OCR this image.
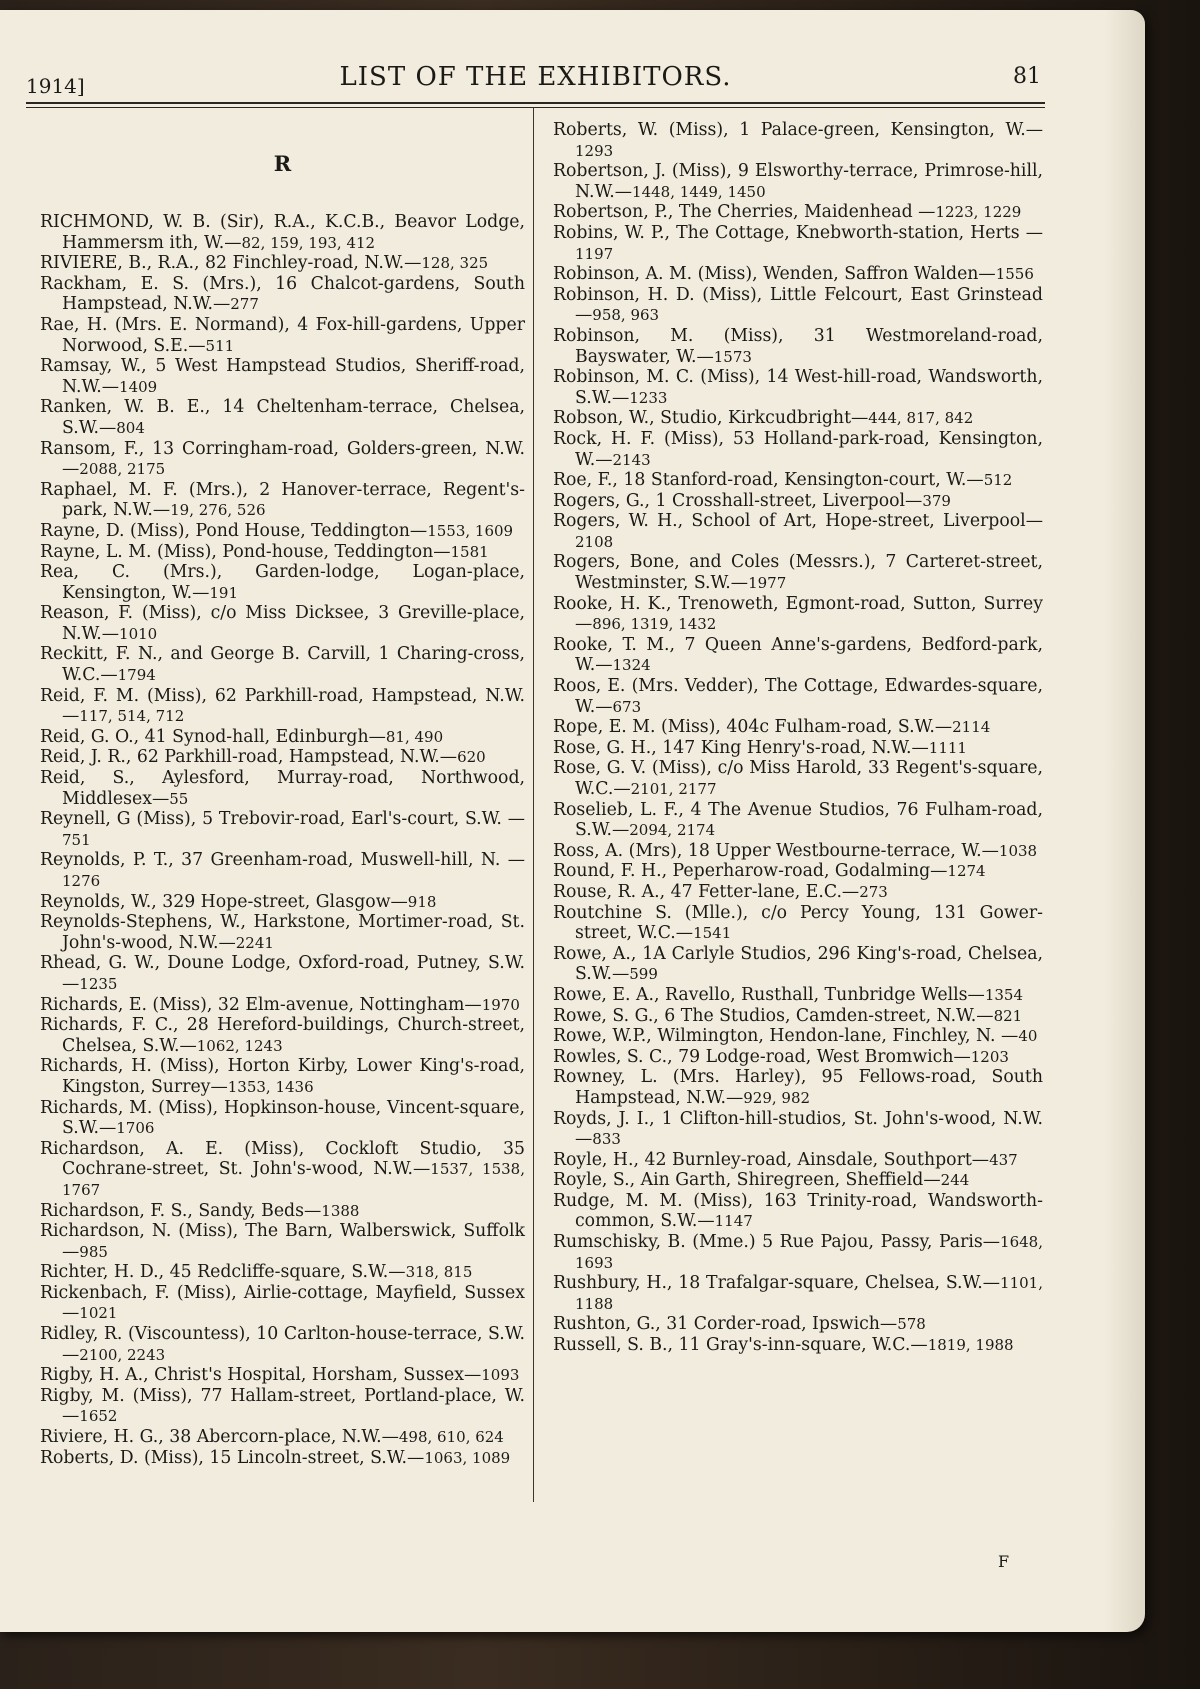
1914]	LIST OF THE EXHIBITORS.	81
R

RICHMOND, W. B. (Sir), R.A., K.C.B., Beavor Lodge, Hammersm ith, W.—82, 159, 193, 412

RIVIERE, B., R.A., 82 Finchley-road, N.W.—128, 325

Rackham, E. S. (Mrs.), 16 Chalcot-gardens, South Hampstead, N.W.—277

Rae, H. (Mrs. E. Normand), 4 Fox-hill-gardens, Upper Norwood, S.E.—511

Ramsay, W., 5 West Hampstead Studios, Sheriff-road, N.W.—1409

Ranken, W. B. E., 14 Cheltenham-terrace, Chelsea, S.W.—804

Ransom, F., 13 Corringham-road, Golders-green, N.W. —2088, 2175

Raphael, M. F. (Mrs.), 2 Hanover-terrace, Regent's-park, N.W.—19, 276, 526

Rayne, D. (Miss), Pond House, Teddington—1553, 1609

Rayne, L. M. (Miss), Pond-house, Teddington—1581

Rea, C. (Mrs.), Garden-lodge, Logan-place, Kensington, W.—191

Reason, F. (Miss), c/o Miss Dicksee, 3 Greville-place, N.W.—1010

Reckitt, F. N., and George B. Carvill, 1 Charing-cross, W.C.—1794

Reid, F. M. (Miss), 62 Parkhill-road, Hampstead, N.W.—117, 514, 712

Reid, G. O., 41 Synod-hall, Edinburgh—81, 490

Reid, J. R., 62 Parkhill-road, Hampstead, N.W.—620

Reid, S., Aylesford, Murray-road, Northwood, Middlesex—55

Reynell, G (Miss), 5 Trebovir-road, Earl's-court, S.W. —751

Reynolds, P. T., 37 Greenham-road, Muswell-hill, N. —1276

Reynolds, W., 329 Hope-street, Glasgow—918

Reynolds-Stephens, W., Harkstone, Mortimer-road, St. John's-wood, N.W.—2241

Rhead, G. W., Doune Lodge, Oxford-road, Putney, S.W.—1235

Richards, E. (Miss), 32 Elm-avenue, Nottingham—1970

Richards, F. C., 28 Hereford-buildings, Church-street, Chelsea, S.W.—1062, 1243

Richards, H. (Miss), Horton Kirby, Lower King's-road, Kingston, Surrey—1353, 1436

Richards, M. (Miss), Hopkinson-house, Vincent-square, S.W.—1706

Richardson, A. E. (Miss), Cockloft Studio, 35 Cochrane-street, St. John's-wood, N.W.—1537, 1538, 1767

Richardson, F. S., Sandy, Beds—1388

Richardson, N. (Miss), The Barn, Walberswick, Suffolk —985

Richter, H. D., 45 Redcliffe-square, S.W.—318, 815

Rickenbach, F. (Miss), Airlie-cottage, Mayfield, Sussex —1021

Ridley, R. (Viscountess), 10 Carlton-house-terrace, S.W.—2100, 2243

Rigby, H. A., Christ's Hospital, Horsham, Sussex—1093

Rigby, M. (Miss), 77 Hallam-street, Portland-place, W. —1652

Riviere, H. G., 38 Abercorn-place, N.W.—498, 610, 624

Roberts, D. (Miss), 15 Lincoln-street, S.W.—1063, 1089

Roberts, W. (Miss), 1 Palace-green, Kensington, W.—1293

Robertson, J. (Miss), 9 Elsworthy-terrace, Primrose-hill, N.W.—1448, 1449, 1450

Robertson, P., The Cherries, Maidenhead —1223, 1229

Robins, W. P., The Cottage, Knebworth-station, Herts —1197

Robinson, A. M. (Miss), Wenden, Saffron Walden—1556

Robinson, H. D. (Miss), Little Felcourt, East Grinstead—958, 963

Robinson, M. (Miss), 31 Westmoreland-road, Bayswater, W.—1573

Robinson, M. C. (Miss), 14 West-hill-road, Wandsworth, S.W.—1233

Robson, W., Studio, Kirkcudbright—444, 817, 842

Rock, H. F. (Miss), 53 Holland-park-road, Kensington, W.—2143

Roe, F., 18 Stanford-road, Kensington-court, W.—512

Rogers, G., 1 Crosshall-street, Liverpool—379

Rogers, W. H., School of Art, Hope-street, Liverpool—2108

Rogers, Bone, and Coles (Messrs.), 7 Carteret-street, Westminster, S.W.—1977

Rooke, H. K., Trenoweth, Egmont-road, Sutton, Surrey —896, 1319, 1432

Rooke, T. M., 7 Queen Anne's-gardens, Bedford-park, W.—1324

Roos, E. (Mrs. Vedder), The Cottage, Edwardes-square, W.—673

Rope, E. M. (Miss), 404c Fulham-road, S.W.—2114

Rose, G. H., 147 King Henry's-road, N.W.—1111

Rose, G. V. (Miss), c/o Miss Harold, 33 Regent's-square, W.C.—2101, 2177

Roselieb, L. F., 4 The Avenue Studios, 76 Fulham-road, S.W.—2094, 2174

Ross, A. (Mrs), 18 Upper Westbourne-terrace, W.—1038

Round, F. H., Peperharow-road, Godalming—1274

Rouse, R. A., 47 Fetter-lane, E.C.—273

Routchine S. (Mlle.), c/o Percy Young, 131 Gower-street, W.C.—1541

Rowe, A., 1A Carlyle Studios, 296 King's-road, Chelsea, S.W.—599

Rowe, E. A., Ravello, Rusthall, Tunbridge Wells—1354

Rowe, S. G., 6 The Studios, Camden-street, N.W.—821

Rowe, W.P., Wilmington, Hendon-lane, Finchley, N. —40

Rowles, S. C., 79 Lodge-road, West Bromwich—1203

Rowney, L. (Mrs. Harley), 95 Fellows-road, South Hampstead, N.W.—929, 982

Royds, J. I., 1 Clifton-hill-studios, St. John's-wood, N.W.—833

Royle, H., 42 Burnley-road, Ainsdale, Southport—437

Royle, S., Ain Garth, Shiregreen, Sheffield—244

Rudge, M. M. (Miss), 163 Trinity-road, Wandsworth-common, S.W.—1147

Rumschisky, B. (Mme.) 5 Rue Pajou, Passy, Paris—1648, 1693

Rushbury, H., 18 Trafalgar-square, Chelsea, S.W.—1101, 1188

Rushton, G., 31 Corder-road, Ipswich—578

Russell, S. B., 11 Gray's-inn-square, W.C.—1819, 1988

F
